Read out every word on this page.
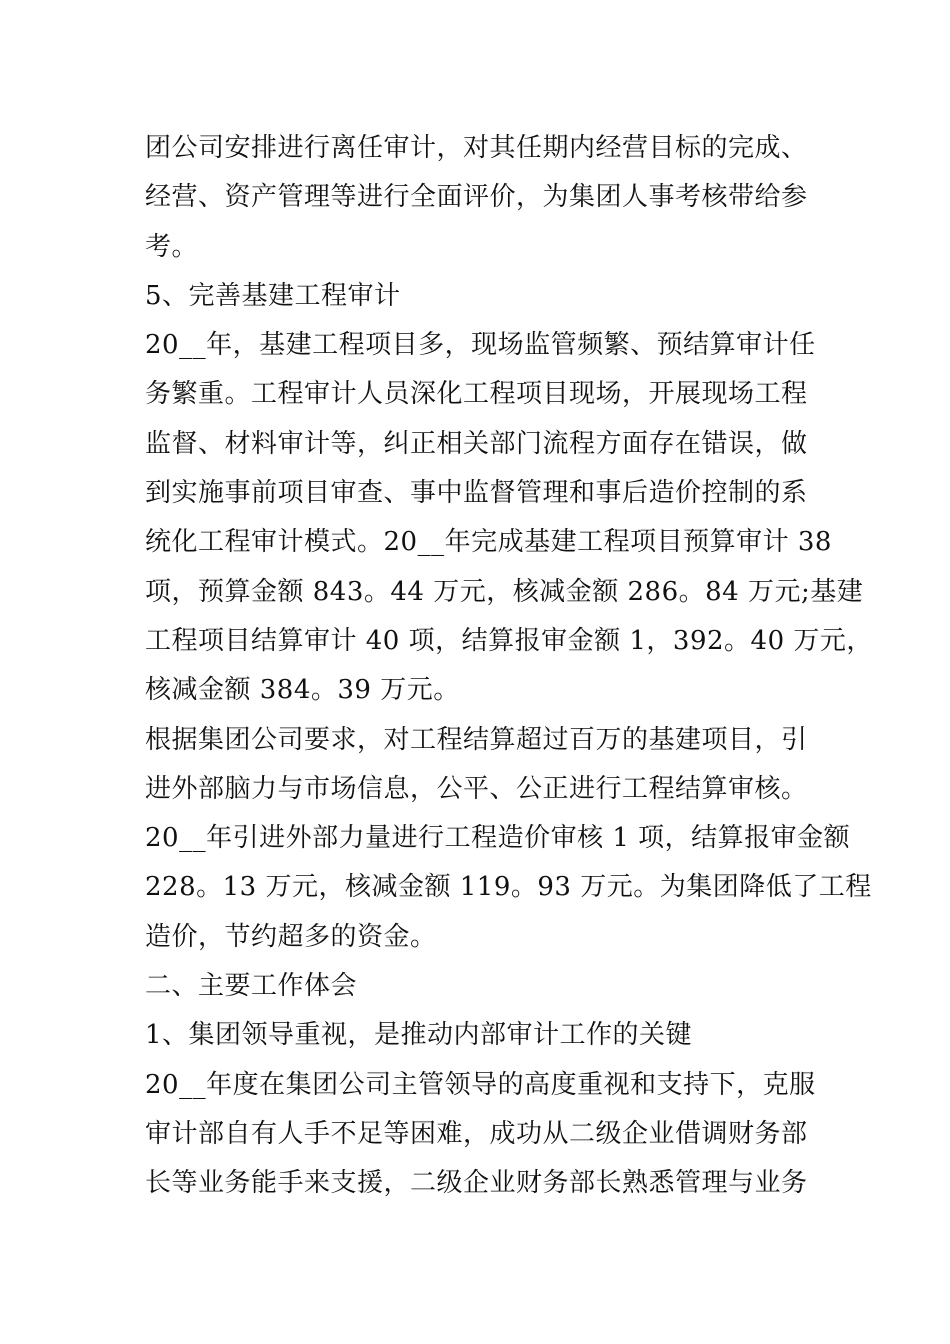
团公司安排进行离任审计，对其任期内经营目标的完成、
经营、资产管理等进行全面评价，为集团人事考核带给参
考。
5、完善基建工程审计
20__年，基建工程项目多，现场监管频繁、预结算审计任
务繁重。工程审计人员深化工程项目现场，开展现场工程
监督、材料审计等，纠正相关部门流程方面存在错误，做
到实施事前项目审查、事中监督管理和事后造价控制的系
统化工程审计模式。20__年完成基建工程项目预算审计 38
项，预算金额 843。44 万元，核减金额 286。84 万元;基建
工程项目结算审计 40 项，结算报审金额 1，392。40 万元，
核减金额 384。39 万元。
根据集团公司要求，对工程结算超过百万的基建项目，引
进外部脑力与市场信息，公平、公正进行工程结算审核。
20__年引进外部力量进行工程造价审核 1 项，结算报审金额
228。13 万元，核减金额 119。93 万元。为集团降低了工程
造价，节约超多的资金。
二、主要工作体会
1、集团领导重视，是推动内部审计工作的关键
20__年度在集团公司主管领导的高度重视和支持下，克服
审计部自有人手不足等困难，成功从二级企业借调财务部
长等业务能手来支援，二级企业财务部长熟悉管理与业务
